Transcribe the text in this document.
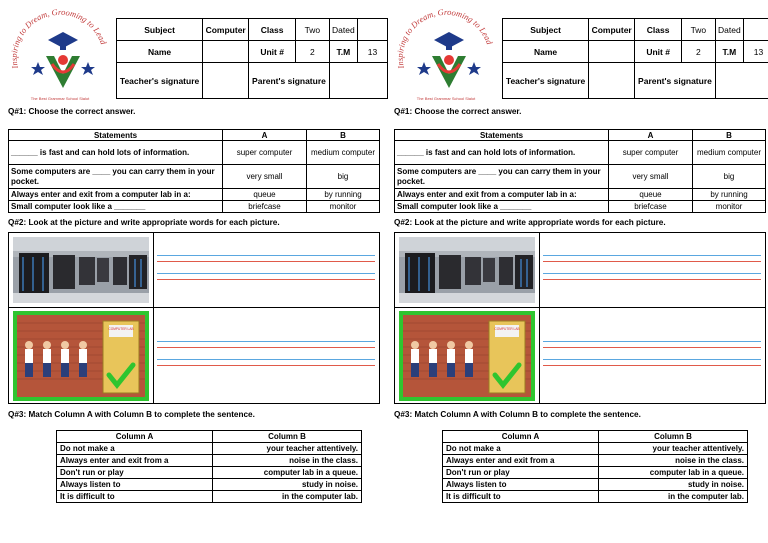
Inspiring to Dream, Grooming to Lead
The Best Grammar School Sialot
Subject	Computer	Class	Two	Dated	
Name		Unit #	2	T.M	13
Teacher's signature		Parent's signature			
Q#1: Choose the correct answer.
Statements	A	B
______ is fast and can hold lots of information.	super computer	medium computer
Some computers are ____ you can carry them in your pocket.	very small	big
Always enter and exit from a computer lab in a:	queue	by running
Small computer look like a _______	briefcase	monitor
Q#2: Look at the picture and write appropriate words for each picture.
COMPUTER LAB
Q#3: Match Column A with Column B to complete the sentence.
Column A	Column B
Do not make a	your teacher attentively.
Always enter and exit from a	noise in the class.
Don't run or play	computer lab in a queue.
Always listen to	study in noise.
It is difficult to	in the computer lab.
Inspiring to Dream, Grooming to Lead
The Best Grammar School Sialot
Subject	Computer	Class	Two	Dated	
Name		Unit #	2	T.M	13
Teacher's signature		Parent's signature			
Q#1: Choose the correct answer.
Statements	A	B
______ is fast and can hold lots of information.	super computer	medium computer
Some computers are ____ you can carry them in your pocket.	very small	big
Always enter and exit from a computer lab in a:	queue	by running
Small computer look like a _______	briefcase	monitor
Q#2: Look at the picture and write appropriate words for each picture.
COMPUTER LAB
Q#3: Match Column A with Column B to complete the sentence.
Column A	Column B
Do not make a	your teacher attentively.
Always enter and exit from a	noise in the class.
Don't run or play	computer lab in a queue.
Always listen to	study in noise.
It is difficult to	in the computer lab.
